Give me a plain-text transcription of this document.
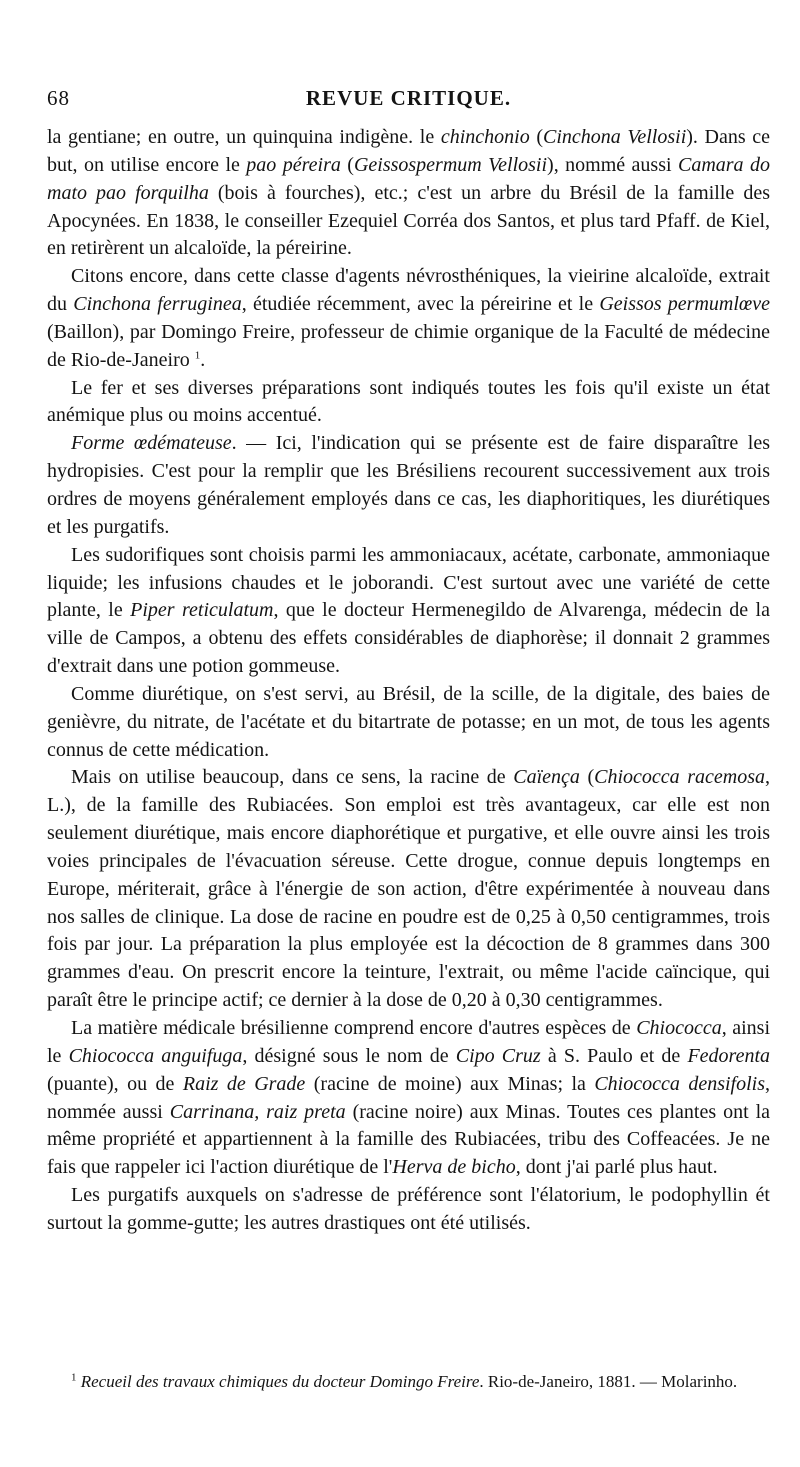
68	REVUE CRITIQUE.

la gentiane; en outre, un quinquina indigène. le chinchonio (Cinchona Vellosii). Dans ce but, on utilise encore le pao péreira (Geissospermum Vellosii), nommé aussi Camara do mato pao forquilha (bois à fourches), etc.; c'est un arbre du Brésil de la famille des Apocynées. En 1838, le conseiller Ezequiel Corréa dos Santos, et plus tard Pfaff. de Kiel, en retirèrent un alcaloïde, la péreirine.

Citons encore, dans cette classe d'agents névrosthéniques, la vieirine alcaloïde, extrait du Cinchona ferruginea, étudiée récemment, avec la péreirine et le Geissos permumlœve (Baillon), par Domingo Freire, professeur de chimie organique de la Faculté de médecine de Rio-de-Janeiro $^1$.

Le fer et ses diverses préparations sont indiqués toutes les fois qu'il existe un état anémique plus ou moins accentué.

Forme œdémateuse. — Ici, l'indication qui se présente est de faire disparaître les hydropisies. C'est pour la remplir que les Brésiliens recourent successivement aux trois ordres de moyens généralement employés dans ce cas, les diaphoritiques, les diurétiques et les purgatifs.

Les sudorifiques sont choisis parmi les ammoniacaux, acétate, carbonate, ammoniaque liquide; les infusions chaudes et le joborandi. C'est surtout avec une variété de cette plante, le Piper reticulatum, que le docteur Hermenegildo de Alvarenga, médecin de la ville de Campos, a obtenu des effets considérables de diaphorèse; il donnait 2 grammes d'extrait dans une potion gommeuse.

Comme diurétique, on s'est servi, au Brésil, de la scille, de la digitale, des baies de genièvre, du nitrate, de l'acétate et du bitartrate de potasse; en un mot, de tous les agents connus de cette médication.

Mais on utilise beaucoup, dans ce sens, la racine de Caïença (Chiococca racemosa, L.), de la famille des Rubiacées. Son emploi est très avantageux, car elle est non seulement diurétique, mais encore diaphorétique et purgative, et elle ouvre ainsi les trois voies principales de l'évacuation séreuse. Cette drogue, connue depuis longtemps en Europe, mériterait, grâce à l'énergie de son action, d'être expérimentée à nouveau dans nos salles de clinique. La dose de racine en poudre est de 0,25 à 0,50 centigrammes, trois fois par jour. La préparation la plus employée est la décoction de 8 grammes dans 300 grammes d'eau. On prescrit encore la teinture, l'extrait, ou même l'acide caïncique, qui paraît être le principe actif; ce dernier à la dose de 0,20 à 0,30 centigrammes.

La matière médicale brésilienne comprend encore d'autres espèces de Chiococca, ainsi le Chiococca anguifuga, désigné sous le nom de Cipo Cruz à S. Paulo et de Fedorenta (puante), ou de Raiz de Grade (racine de moine) aux Minas; la Chiococca densifolis, nommée aussi Carrinana, raiz preta (racine noire) aux Minas. Toutes ces plantes ont la même propriété et appartiennent à la famille des Rubiacées, tribu des Coffeacées. Je ne fais que rappeler ici l'action diurétique de l'Herva de bicho, dont j'ai parlé plus haut.

Les purgatifs auxquels on s'adresse de préférence sont l'élatorium, le podophyllin ét surtout la gomme-gutte; les autres drastiques ont été utilisés.

$^1$ Recueil des travaux chimiques du docteur Domingo Freire. Rio-de-Janeiro, 1881. — Molarinho.
